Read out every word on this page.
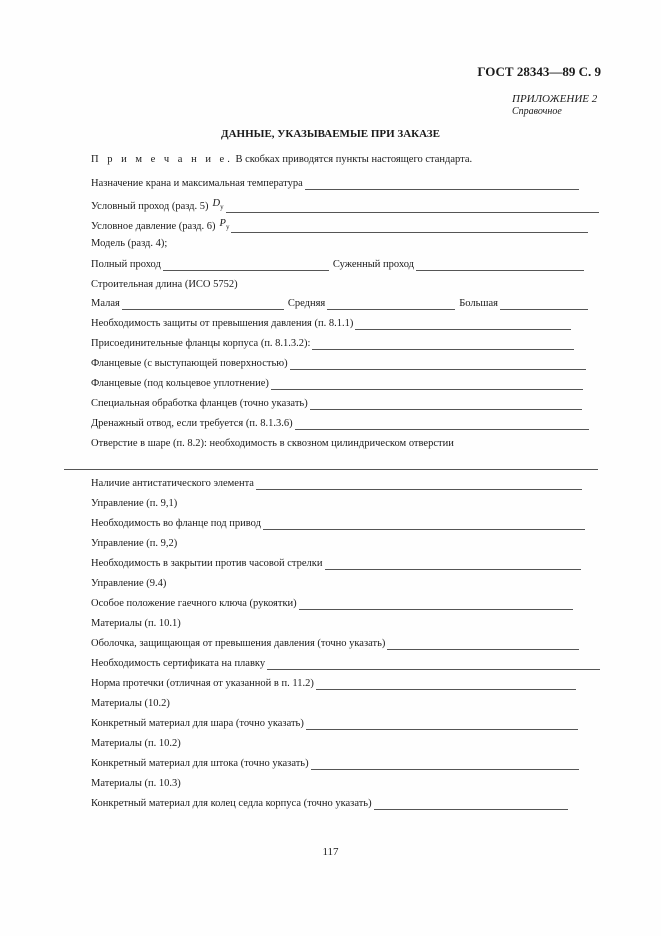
ГОСТ 28343—89 С. 9
ПРИЛОЖЕНИЕ 2
Справочное
ДАННЫЕ, УКАЗЫВАЕМЫЕ ПРИ ЗАКАЗЕ
П р и м е ч а н и е. В скобках приводятся пункты настоящего стандарта.
Назначение крана и максимальная температура
Условный проход (разд. 5) $D_y$
Условное давление (разд. 6) $P_y$
Модель (разд. 4);
Полный проход	Суженный проход
Строительная длина (ИСО 5752)
Малая	Средняя	Большая
Необходимость защиты от превышения давления (п. 8.1.1)
Присоединительные фланцы корпуса (п. 8.1.3.2):
Фланцевые (с выступающей поверхностью)
Фланцевые (под кольцевое уплотнение)
Специальная обработка фланцев (точно указать)
Дренажный отвод, если требуется (п. 8.1.3.6)
Отверстие в шаре (п. 8.2): необходимость в сквозном цилиндрическом отверстии
Наличие антистатического элемента
Управление (п. 9,1)
Необходимость во фланце под привод
Управление (п. 9,2)
Необходимость в закрытии против часовой стрелки
Управление (9.4)
Особое положение гаечного ключа (рукоятки)
Материалы (п. 10.1)
Оболочка, защищающая от превышения давления (точно указать)
Необходимость сертификата на плавку
Норма протечки (отличная от указанной в п. 11.2)
Материалы (10.2)
Конкретный материал для шара (точно указать)
Материалы (п. 10.2)
Конкретный материал для штока (точно указать)
Материалы (п. 10.3)
Конкретный материал для колец седла корпуса (точно указать)
117
